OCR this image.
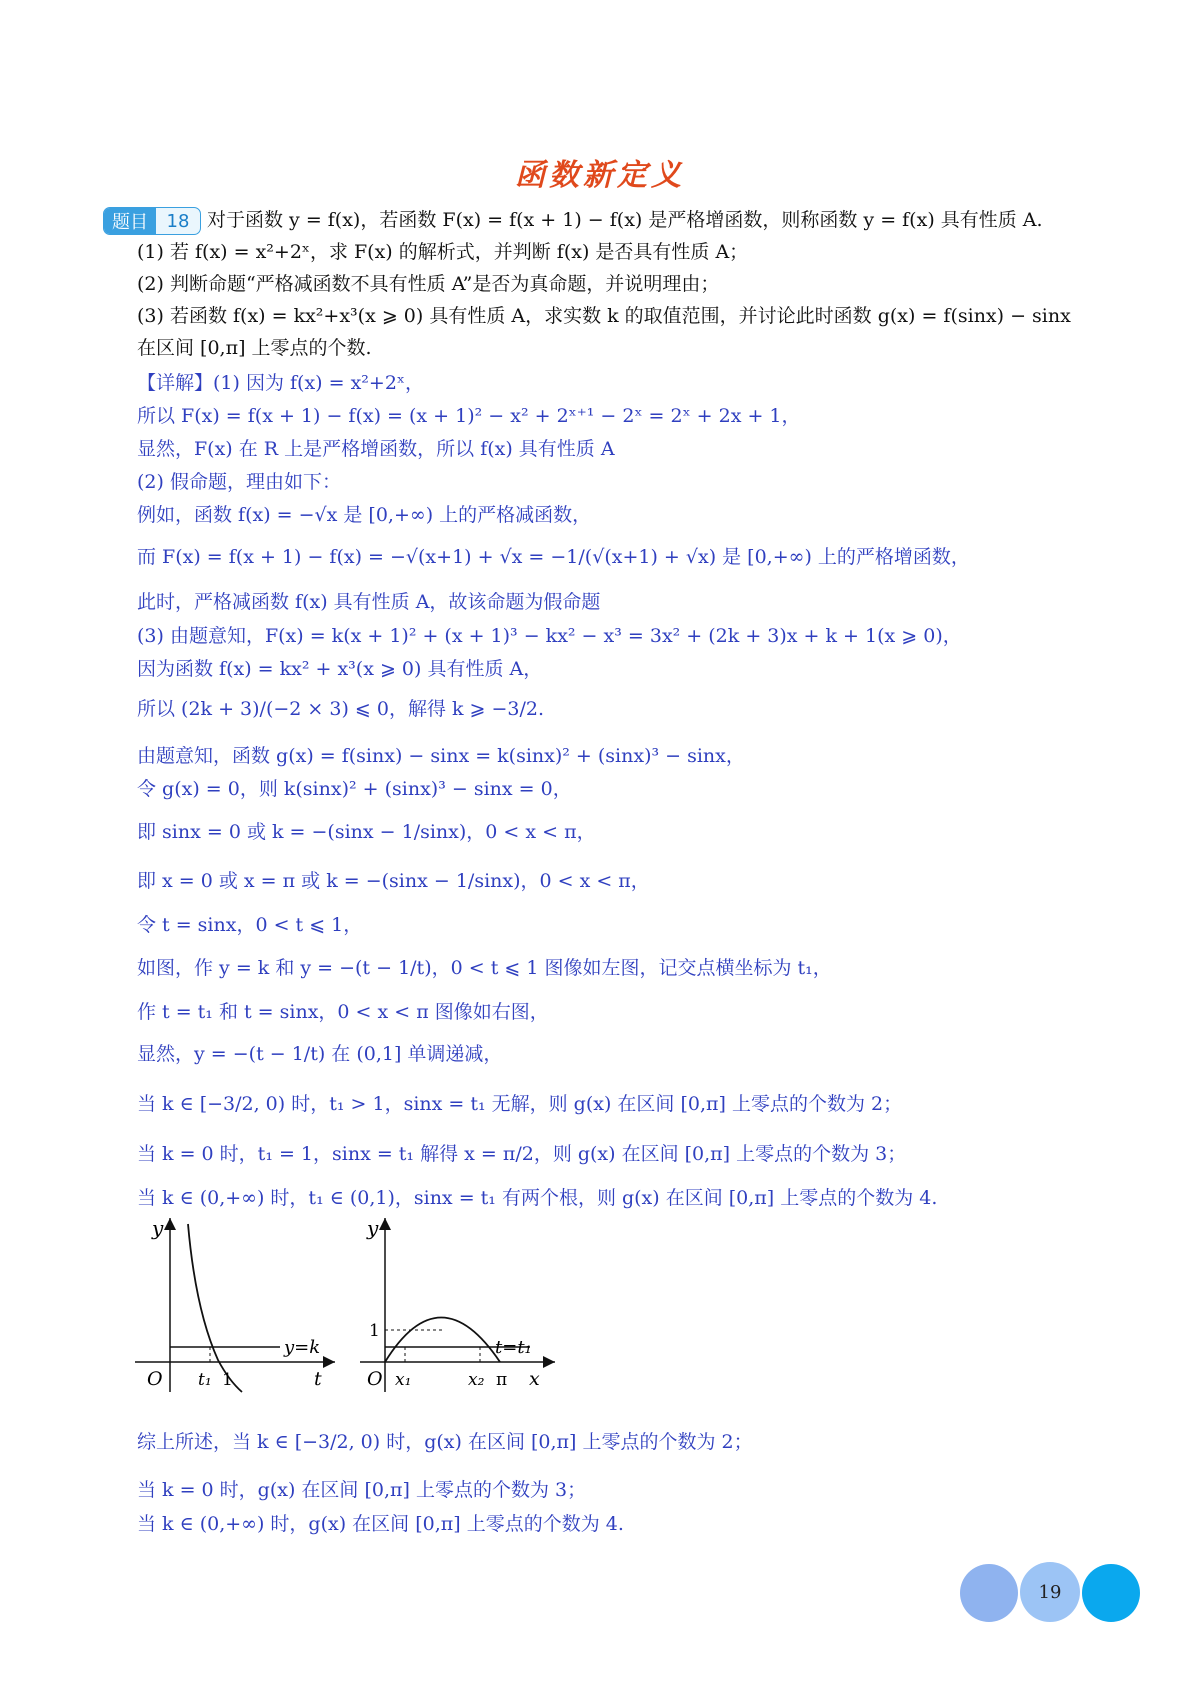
函数新定义
题目	18 对于函数 y = f(x)，若函数 F(x) = f(x + 1) − f(x) 是严格增函数，则称函数 y = f(x) 具有性质 A.
(1) 若 f(x) = x²+2ˣ，求 F(x) 的解析式，并判断 f(x) 是否具有性质 A；
(2) 判断命题“严格减函数不具有性质 A”是否为真命题，并说明理由；
(3) 若函数 f(x) = kx²+x³(x ⩾ 0) 具有性质 A，求实数 k 的取值范围，并讨论此时函数 g(x) = f(sinx) − sinx
在区间 [0,π] 上零点的个数.
【详解】(1) 因为 f(x) = x²+2ˣ，
所以 F(x) = f(x + 1) − f(x) = (x + 1)² − x² + 2ˣ⁺¹ − 2ˣ = 2ˣ + 2x + 1，
显然，F(x) 在 R 上是严格增函数，所以 f(x) 具有性质 A
(2) 假命题，理由如下：
例如，函数 f(x) = −√x 是 [0,+∞) 上的严格减函数，
而 F(x) = f(x + 1) − f(x) = −√(x+1) + √x = −1/(√(x+1) + √x) 是 [0,+∞) 上的严格增函数，
此时，严格减函数 f(x) 具有性质 A，故该命题为假命题
(3) 由题意知，F(x) = k(x + 1)² + (x + 1)³ − kx² − x³ = 3x² + (2k + 3)x + k + 1(x ⩾ 0)，
因为函数 f(x) = kx² + x³(x ⩾ 0) 具有性质 A，
所以 (2k + 3)/(−2 × 3) ⩽ 0，解得 k ⩾ −3/2.
由题意知，函数 g(x) = f(sinx) − sinx = k(sinx)² + (sinx)³ − sinx，
令 g(x) = 0，则 k(sinx)² + (sinx)³ − sinx = 0，
即 sinx = 0 或 k = −(sinx − 1/sinx)，0 < x < π，
即 x = 0 或 x = π 或 k = −(sinx − 1/sinx)，0 < x < π，
令 t = sinx，0 < t ⩽ 1，
如图，作 y = k 和 y = −(t − 1/t)，0 < t ⩽ 1 图像如左图，记交点横坐标为 t₁，
作 t = t₁ 和 t = sinx，0 < x < π 图像如右图，
显然，y = −(t − 1/t) 在 (0,1] 单调递减，
当 k ∈ [−3/2, 0) 时，t₁ > 1，sinx = t₁ 无解，则 g(x) 在区间 [0,π] 上零点的个数为 2；
当 k = 0 时，t₁ = 1，sinx = t₁ 解得 x = π/2，则 g(x) 在区间 [0,π] 上零点的个数为 3；
当 k ∈ (0,+∞) 时，t₁ ∈ (0,1)，sinx = t₁ 有两个根，则 g(x) 在区间 [0,π] 上零点的个数为 4.
y
O
y=k
t₁ 1	t
y
1
O
t=t₁
x₁	x₂ π x
综上所述，当 k ∈ [−3/2, 0) 时，g(x) 在区间 [0,π] 上零点的个数为 2；
当 k = 0 时，g(x) 在区间 [0,π] 上零点的个数为 3；
当 k ∈ (0,+∞) 时，g(x) 在区间 [0,π] 上零点的个数为 4.
19
